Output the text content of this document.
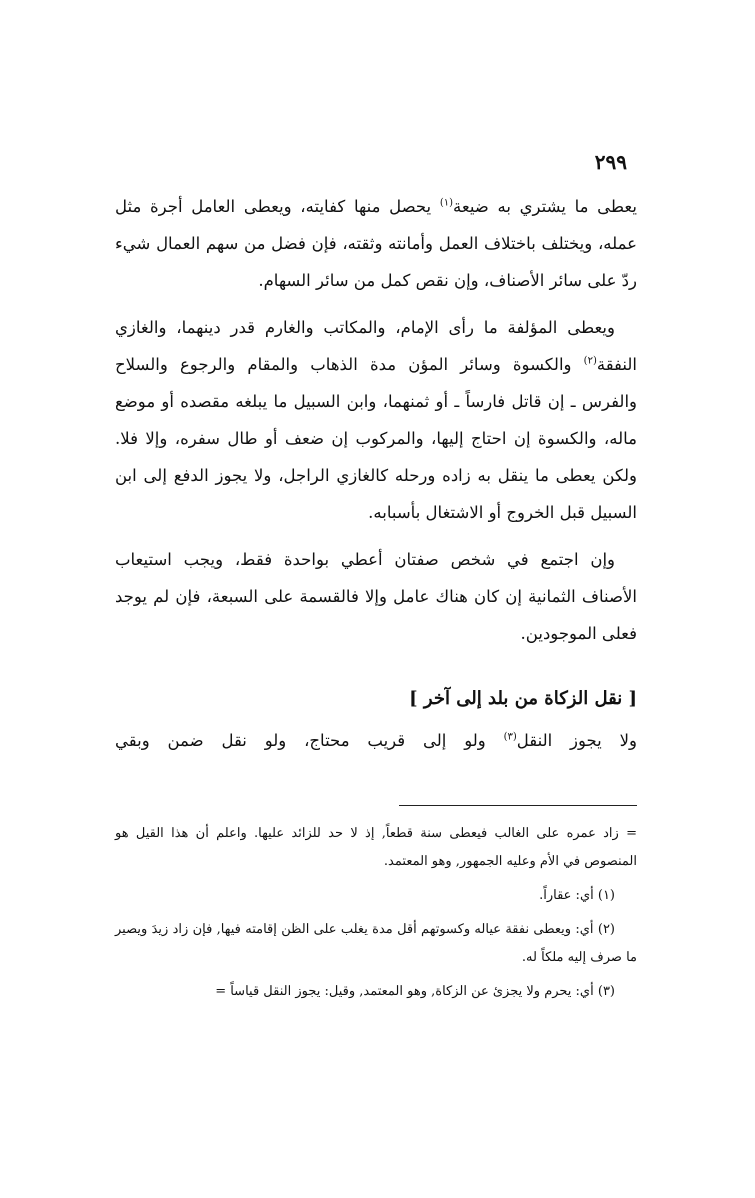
٢٩٩

يعطى ما يشتري به ضيعة$^{(١)}$ يحصل منها كفايته، ويعطى العامل أجرة مثل عمله، ويختلف باختلاف العمل وأمانته وثقته، فإن فضل من سهم العمال شيء ردّ على سائر الأصناف، وإن نقص كمل من سائر السهام.

ويعطى المؤلفة ما رأى الإمام، والمكاتب والغارم قدر دينهما، والغازي النفقة$^{(٢)}$ والكسوة وسائر المؤن مدة الذهاب والمقام والرجوع والسلاح والفرس ـ إن قاتل فارساً ـ أو ثمنهما، وابن السبيل ما يبلغه مقصده أو موضع ماله، والكسوة إن احتاج إليها، والمركوب إن ضعف أو طال سفره، وإلا فلا. ولكن يعطى ما ينقل به زاده ورحله كالغازي الراجل، ولا يجوز الدفع إلى ابن السبيل قبل الخروج أو الاشتغال بأسبابه.

وإن اجتمع في شخص صفتان أعطي بواحدة فقط، ويجب استيعاب الأصناف الثمانية إن كان هناك عامل وإلا فالقسمة على السبعة، فإن لم يوجد فعلى الموجودين.

[ نقل الزكاة من بلد إلى آخر ]
ولا يجوز النقل$^{(٣)}$ ولو إلى قريب محتاج، ولو نقل ضمن وبقي

= زاد عمره على الغالب فيعطى سنة قطعاً, إذ لا حد للزائد عليها. واعلم أن هذا القيل هو المنصوص في الأم وعليه الجمهور, وهو المعتمد.

(١) أي: عقاراً.

(٢) أي: ويعطى نفقة عياله وكسوتهم أقل مدة يغلب على الظن إقامته فيها, فإن زاد زيدَ ويصير ما صرف إليه ملكاً له.

(٣) أي: يحرم ولا يجزئ عن الزكاة, وهو المعتمد, وقيل: يجوز النقل قياساً =
